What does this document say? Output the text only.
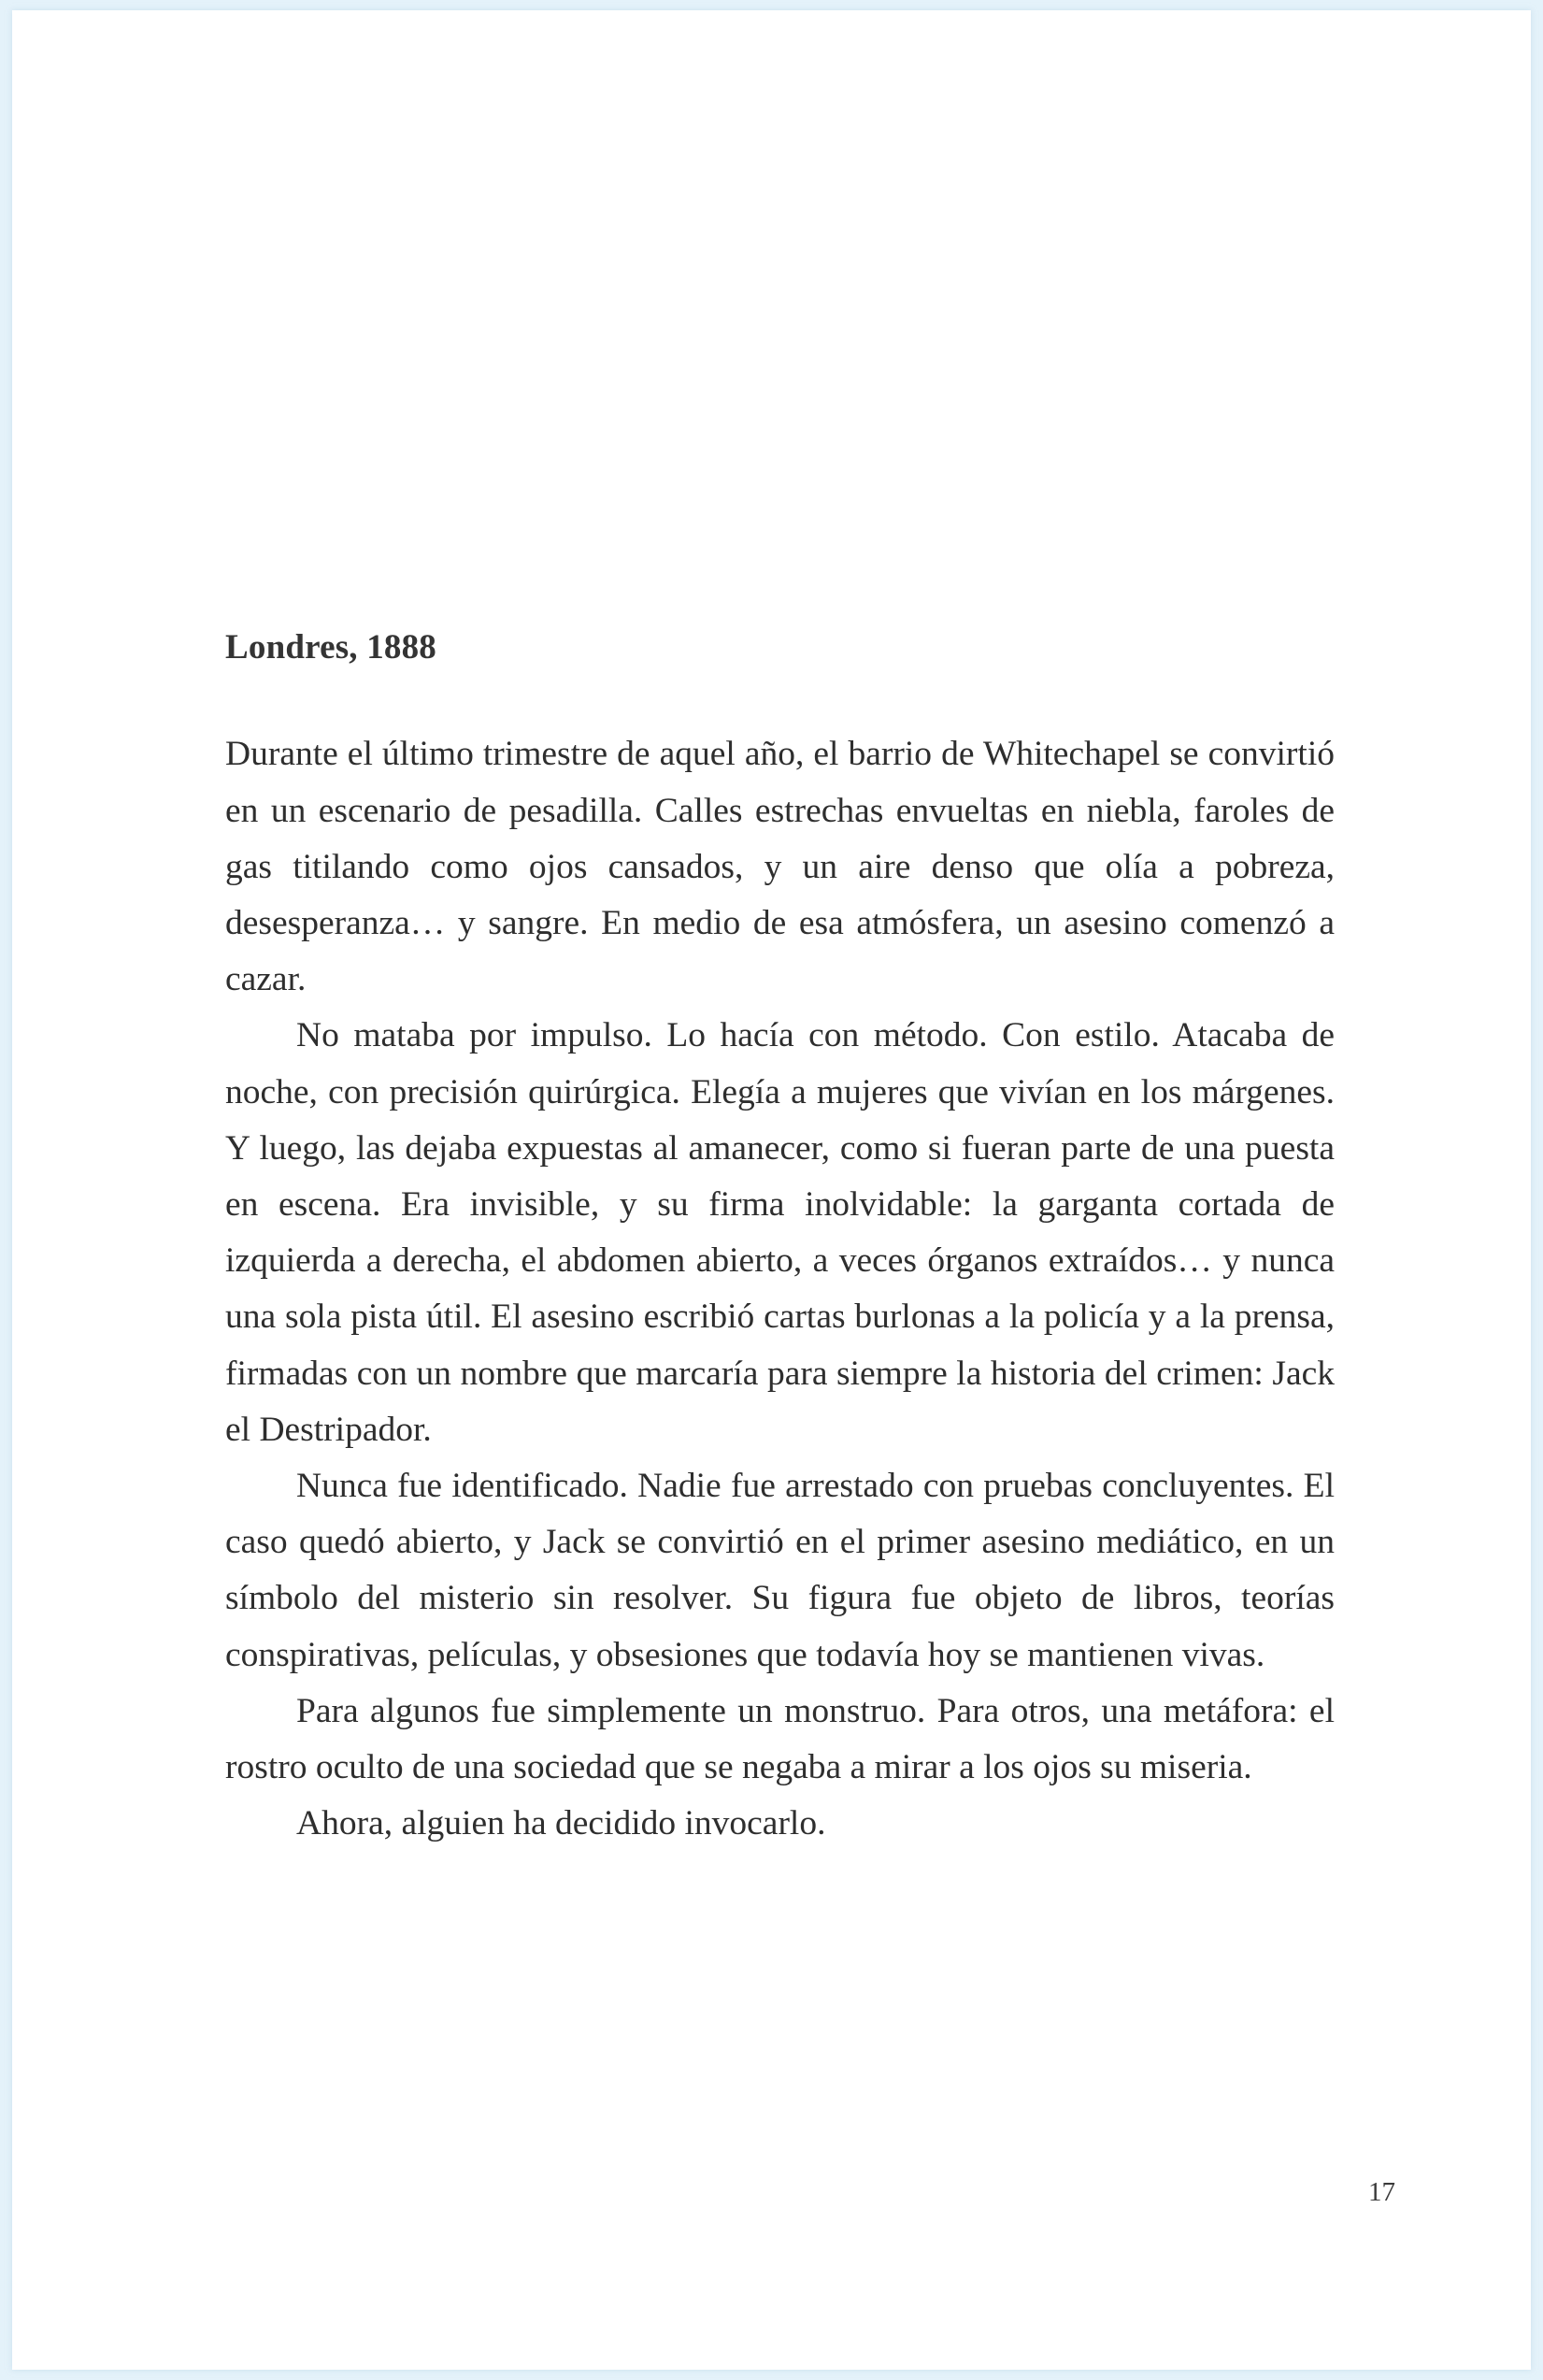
Londres, 1888

Durante el último trimestre de aquel año, el barrio de Whitechapel se convirtió en un escenario de pesadilla. Calles estrechas envueltas en niebla, faroles de gas titilando como ojos cansados, y un aire denso que olía a pobreza, desesperanza… y sangre. En medio de esa atmósfera, un asesino comenzó a cazar.

No mataba por impulso. Lo hacía con método. Con estilo. Atacaba de noche, con precisión quirúrgica. Elegía a mujeres que vivían en los márgenes. Y luego, las dejaba expuestas al amanecer, como si fueran parte de una puesta en escena. Era invisible, y su firma inolvidable: la garganta cortada de izquierda a derecha, el abdomen abierto, a veces órganos extraídos… y nunca una sola pista útil. El asesino escribió cartas burlonas a la policía y a la prensa, firmadas con un nombre que marcaría para siempre la historia del crimen: Jack el Destripador.

Nunca fue identificado. Nadie fue arrestado con pruebas concluyentes. El caso quedó abierto, y Jack se convirtió en el primer asesino mediático, en un símbolo del misterio sin resolver. Su figura fue objeto de libros, teorías conspirativas, películas, y obsesiones que todavía hoy se mantienen vivas.

Para algunos fue simplemente un monstruo. Para otros, una metáfora: el rostro oculto de una sociedad que se negaba a mirar a los ojos su miseria.

Ahora, alguien ha decidido invocarlo.

17
